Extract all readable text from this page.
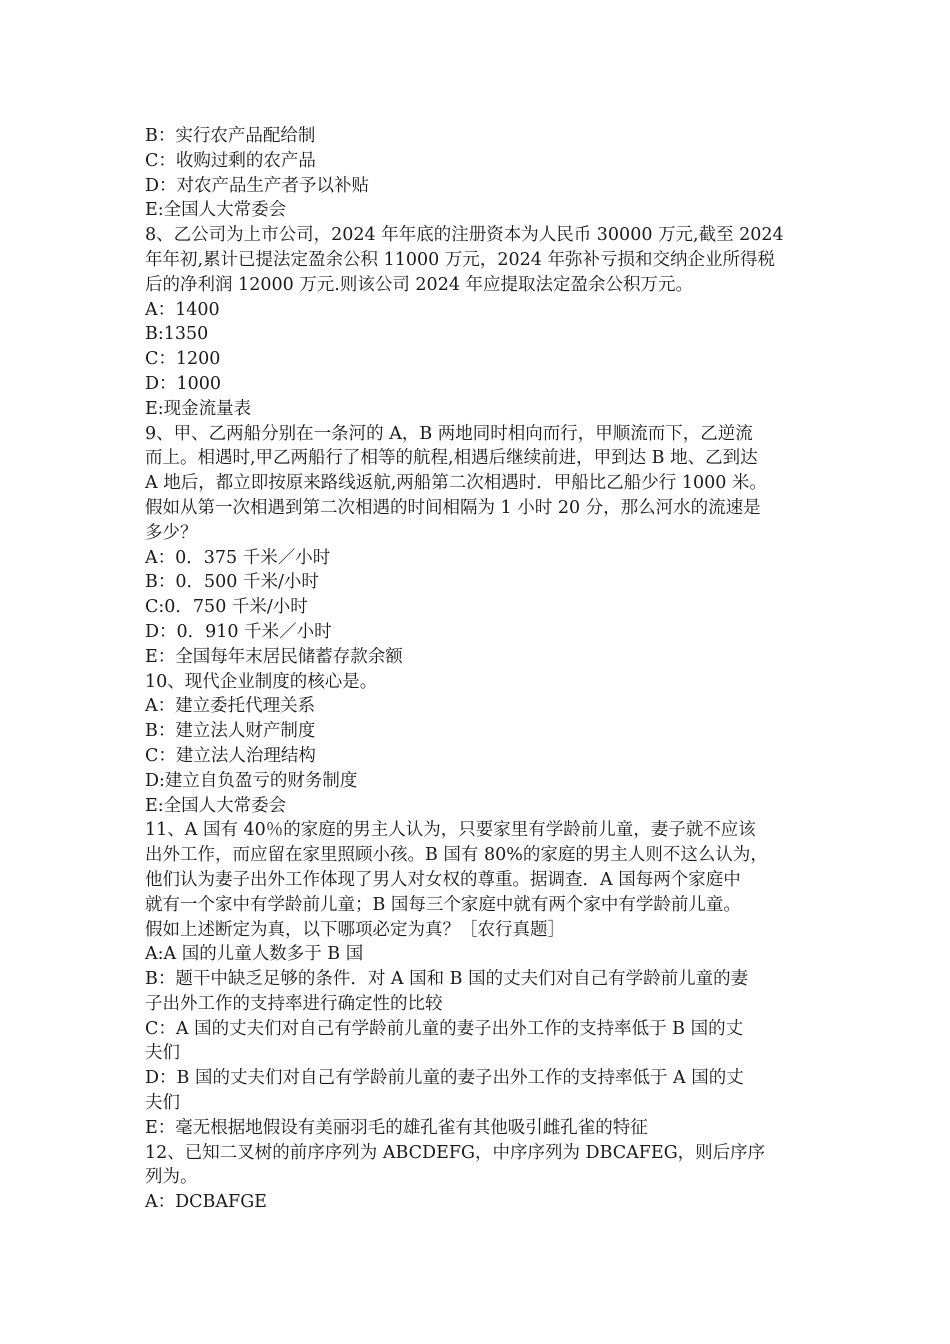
B：实行农产品配给制

C：收购过剩的农产品

D：对农产品生产者予以补贴

E:全国人大常委会

8、乙公司为上市公司，2024 年年底的注册资本为人民币 30000 万元,截至 2024
年年初,累计已提法定盈余公积 11000 万元，2024 年弥补亏损和交纳企业所得税
后的净利润 12000 万元.则该公司 2024 年应提取法定盈余公积万元。

A：1400

B:1350

C：1200

D：1000

E:现金流量表

9、甲、乙两船分别在一条河的 A，B 两地同时相向而行，甲顺流而下，乙逆流
而上。相遇时,甲乙两船行了相等的航程,相遇后继续前进，甲到达 B 地、乙到达
A 地后，都立即按原来路线返航,两船第二次相遇时．甲船比乙船少行 1000 米。
假如从第一次相遇到第二次相遇的时间相隔为 1 小时 20 分，那么河水的流速是
多少？

A：0．375 千米／小时

B：0．500 千米/小时

C:0．750 千米/小时

D：0．910 千米／小时

E：全国每年末居民储蓄存款余额

10、现代企业制度的核心是。

A：建立委托代理关系

B：建立法人财产制度

C：建立法人治理结构

D:建立自负盈亏的财务制度

E:全国人大常委会

11、A 国有 40％的家庭的男主人认为，只要家里有学龄前儿童，妻子就不应该
出外工作，而应留在家里照顾小孩。B 国有 80%的家庭的男主人则不这么认为，
他们认为妻子出外工作体现了男人对女权的尊重。据调查．A 国每两个家庭中
就有一个家中有学龄前儿童；B 国每三个家庭中就有两个家中有学龄前儿童。
假如上述断定为真，以下哪项必定为真？［农行真题］

A:A 国的儿童人数多于 B 国

B：题干中缺乏足够的条件．对 A 国和 B 国的丈夫们对自己有学龄前儿童的妻
子出外工作的支持率进行确定性的比较

C：A 国的丈夫们对自己有学龄前儿童的妻子出外工作的支持率低于 B 国的丈
夫们

D：B 国的丈夫们对自己有学龄前儿童的妻子出外工作的支持率低于 A 国的丈
夫们

E：毫无根据地假设有美丽羽毛的雄孔雀有其他吸引雌孔雀的特征

12、已知二叉树的前序序列为 ABCDEFG，中序序列为 DBCAFEG，则后序序
列为。

A：DCBAFGE
